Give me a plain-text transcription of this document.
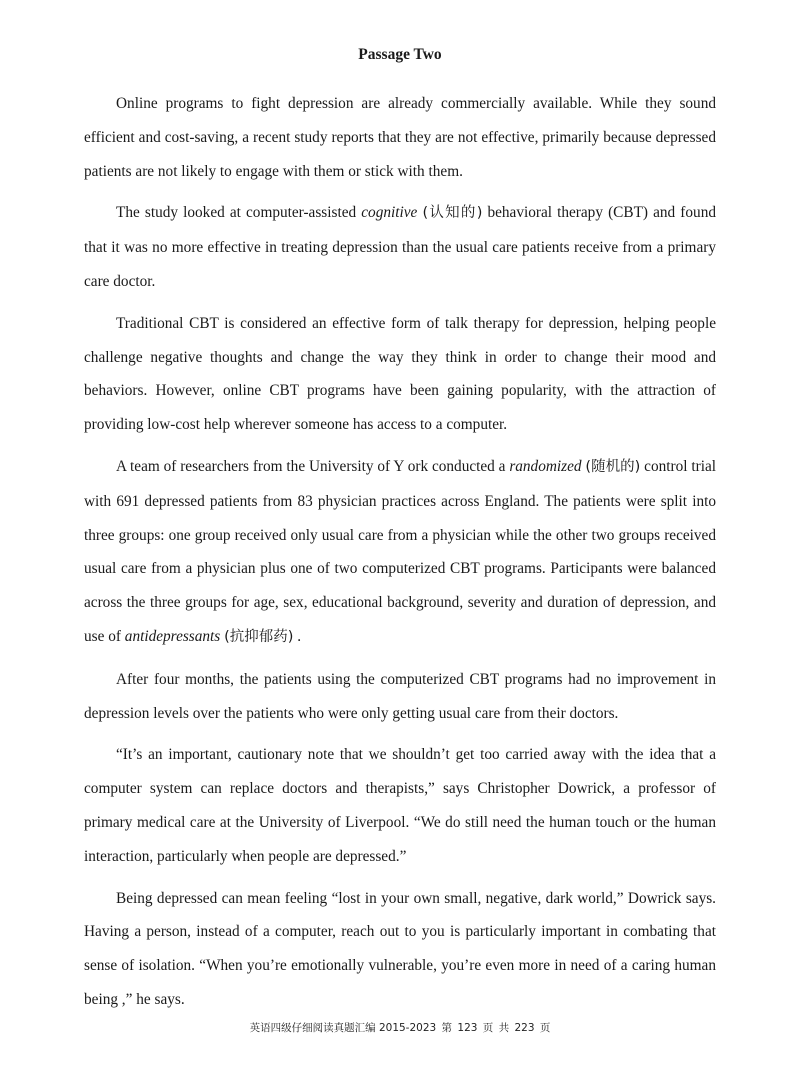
Passage Two

Online programs to fight depression are already commercially available. While they sound efficient and cost-saving, a recent study reports that they are not effective, primarily because depressed patients are not likely to engage with them or stick with them.

The study looked at computer-assisted cognitive (认知的) behavioral therapy (CBT) and found that it was no more effective in treating depression than the usual care patients receive from a primary care doctor.

Traditional CBT is considered an effective form of talk therapy for depression, helping people challenge negative thoughts and change the way they think in order to change their mood and behaviors. However, online CBT programs have been gaining popularity, with the attraction of providing low-cost help wherever someone has access to a computer.

A team of researchers from the University of Y ork conducted a randomized (随机的) control trial with 691 depressed patients from 83 physician practices across England. The patients were split into three groups: one group received only usual care from a physician while the other two groups received usual care from a physician plus one of two computerized CBT programs. Participants were balanced across the three groups for age, sex, educational background, severity and duration of depression, and use of antidepressants (抗抑郁药) .

After four months, the patients using the computerized CBT programs had no improvement in depression levels over the patients who were only getting usual care from their doctors.

“It’s an important, cautionary note that we shouldn’t get too carried away with the idea that a computer system can replace doctors and therapists,” says Christopher Dowrick, a professor of primary medical care at the University of Liverpool. “We do still need the human touch or the human interaction, particularly when people are depressed.”

Being depressed can mean feeling “lost in your own small, negative, dark world,” Dowrick says. Having a person, instead of a computer, reach out to you is particularly important in combating that sense of isolation. “When you’re emotionally vulnerable, you’re even more in need of a caring human being ,” he says.

英语四级仔细阅读真题汇编 2015-2023 第 123 页 共 223 页
